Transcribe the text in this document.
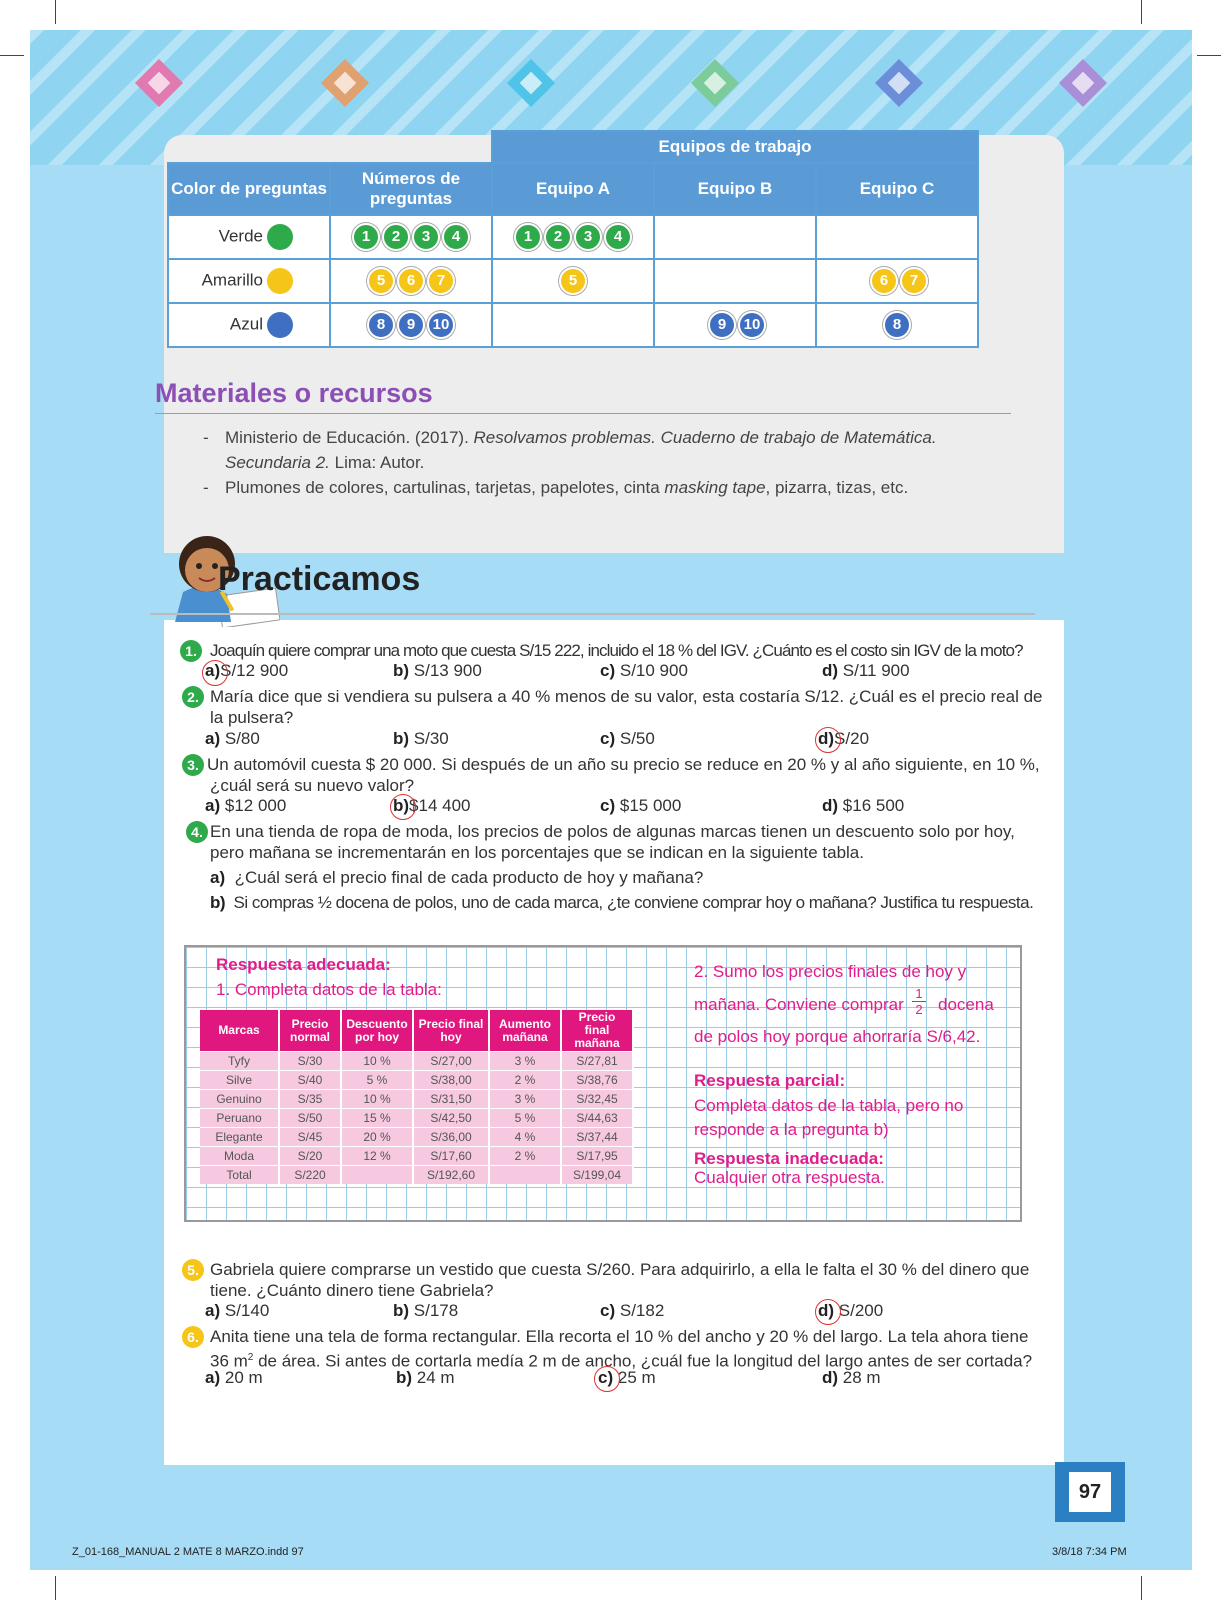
97
		Equipos de trabajo		
Color de preguntas	Números de preguntas	Equipo A	Equipo B	Equipo C
Verde	1 2 3 4	1 2 3 4		
Amarillo	5 6 7	5		6 7
Azul	8 9 10		9 10	8
Materiales o recursos
- Ministerio de Educación. (2017). Resolvamos problemas. Cuaderno de trabajo de Matemática.
Secundaria 2. Lima: Autor.
- Plumones de colores, cartulinas, tarjetas, papelotes, cinta masking tape, pizarra, tizas, etc.
Practicamos
1. Joaquín quiere comprar una moto que cuesta S/15 222, incluido el 18 % del IGV. ¿Cuánto es el costo sin IGV de la moto?
a)S/12 900	b) S/13 900	c) S/10 900	d) S/11 900
2. María dice que si vendiera su pulsera a 40 % menos de su valor, esta costaría S/12. ¿Cuál es el precio real de
la pulsera?
a) S/80	b) S/30	c) S/50	d)S/20
3. Un automóvil cuesta $ 20 000. Si después de un año su precio se reduce en 20 % y al año siguiente, en 10 %,
¿cuál será su nuevo valor?
a) $12 000	b)$14 400	c) $15 000	d) $16 500
4. En una tienda de ropa de moda, los precios de polos de algunas marcas tienen un descuento solo por hoy,
pero mañana se incrementarán en los porcentajes que se indican en la siguiente tabla.
a) ¿Cuál será el precio final de cada producto de hoy y mañana?
b) Si compras ½ docena de polos, uno de cada marca, ¿te conviene comprar hoy o mañana? Justifica tu respuesta.
Respuesta adecuada:
1. Completa datos de la tabla:
Marcas	Precio normal	Descuento por hoy	Precio final hoy	Aumento mañana	Precio final mañana
Tyfy	S/30	10 %	S/27,00	3 %	S/27,81
Silve	S/40	5 %	S/38,00	2 %	S/38,76
Genuino	S/35	10 %	S/31,50	3 %	S/32,45
Peruano	S/50	15 %	S/42,50	5 %	S/44,63
Elegante	S/45	20 %	S/36,00	4 %	S/37,44
Moda	S/20	12 %	S/17,60	2 %	S/17,95
Total	S/220		S/192,60		S/199,04
2. Sumo los precios finales de hoy y
mañana. Conviene comprar $\frac{1}{2}$ docena
de polos hoy porque ahorraría S/6,42.
Respuesta parcial:
Completa datos de la tabla, pero no
responde a la pregunta b)
Respuesta inadecuada:
Cualquier otra respuesta.
5. Gabriela quiere comprarse un vestido que cuesta S/260. Para adquirirlo, a ella le falta el 30 % del dinero que
tiene. ¿Cuánto dinero tiene Gabriela?
a) S/140	b) S/178	c) S/182	d) S/200
6. Anita tiene una tela de forma rectangular. Ella recorta el 10 % del ancho y 20 % del largo. La tela ahora tiene
36 $m^2$ de área. Si antes de cortarla medía 2 m de ancho, ¿cuál fue la longitud del largo antes de ser cortada?
a) 20 m	b) 24 m	c) 25 m	d) 28 m
Z_01-168_MANUAL 2 MATE 8 MARZO.indd 97	3/8/18 7:34 PM
